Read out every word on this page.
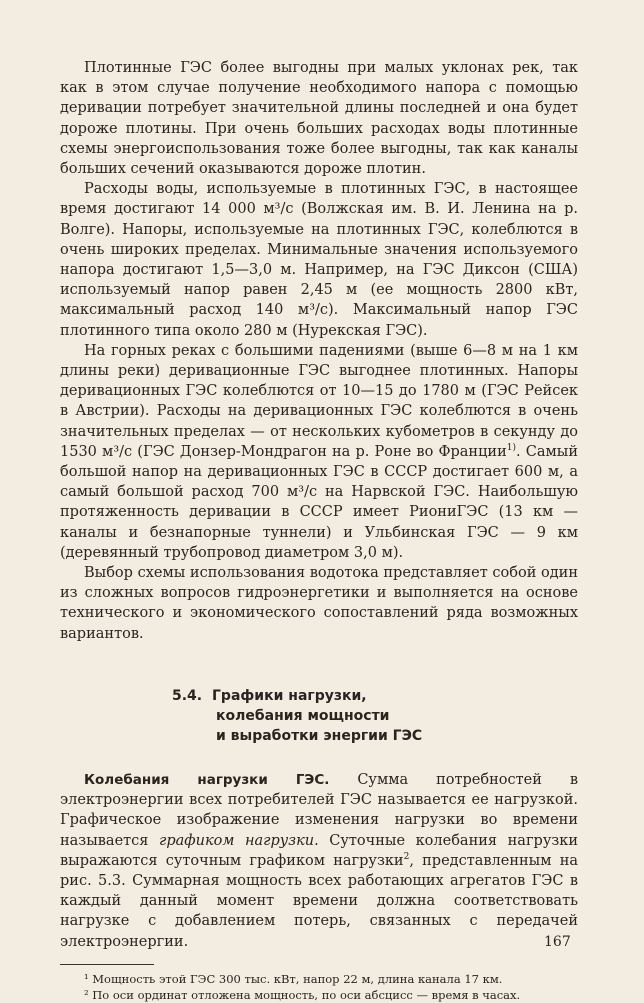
Плотинные ГЭС более выгодны при малых уклонах рек, так как в этом случае получение необходимого напора с помощью деривации потребует значительной длины последней и она будет дороже плотины. При очень больших расходах воды плотинные схемы энергоиспользования тоже более выгодны, так как каналы больших сечений оказываются дороже плотин.

Расходы воды, используемые в плотинных ГЭС, в настоящее время достигают 14 000 м³/с (Волжская им. В. И. Ленина на р. Волге). Напоры, используемые на плотинных ГЭС, колеблются в очень широких пределах. Минимальные значения используемого напора достигают 1,5—3,0 м. Например, на ГЭС Диксон (США) используемый напор равен 2,45 м (ее мощность 2800 кВт, максимальный расход 140 м³/с). Максимальный напор ГЭС плотинного типа около 280 м (Нурекская ГЭС).

На горных реках с большими падениями (выше 6—8 м на 1 км длины реки) деривационные ГЭС выгоднее плотинных. Напоры деривационных ГЭС колеблются от 10—15 до 1780 м (ГЭС Рейсек в Австрии). Расходы на деривационных ГЭС колеблются в очень значительных пределах — от нескольких кубометров в секунду до 1530 м³/с (ГЭС Донзер-Мондрагон на р. Роне во Франции$^{1)}$. Самый большой напор на деривационных ГЭС в СССР достигает 600 м, а самый большой расход 700 м³/с на Нарвской ГЭС. Наибольшую протяженность деривации в СССР имеет РиониГЭС (13 км — каналы и безнапорные туннели) и Ульбинская ГЭС — 9 км (деревянный трубопровод диаметром 3,0 м).

Выбор схемы использования водотока представляет собой один из сложных вопросов гидроэнергетики и выполняется на основе технического и экономического сопоставлений ряда возможных вариантов.

5.4. Графики нагрузки,
колебания мощности
и выработки энергии ГЭС

Колебания нагрузки ГЭС. Сумма потребностей в электроэнергии всех потребителей ГЭС называется ее нагрузкой. Графическое изображение изменения нагрузки во времени называется графиком нагрузки. Суточные колебания нагрузки выражаются суточным графиком нагрузки$^2$, представленным на рис. 5.3. Суммарная мощность всех работающих агрегатов ГЭС в каждый данный момент времени должна соответствовать нагрузке с добавлением потерь, связанных с передачей электроэнергии.

¹ Мощность этой ГЭС 300 тыс. кВт, напор 22 м, длина канала 17 км.

² По оси ординат отложена мощность, по оси абсцисс — время в часах.

167
